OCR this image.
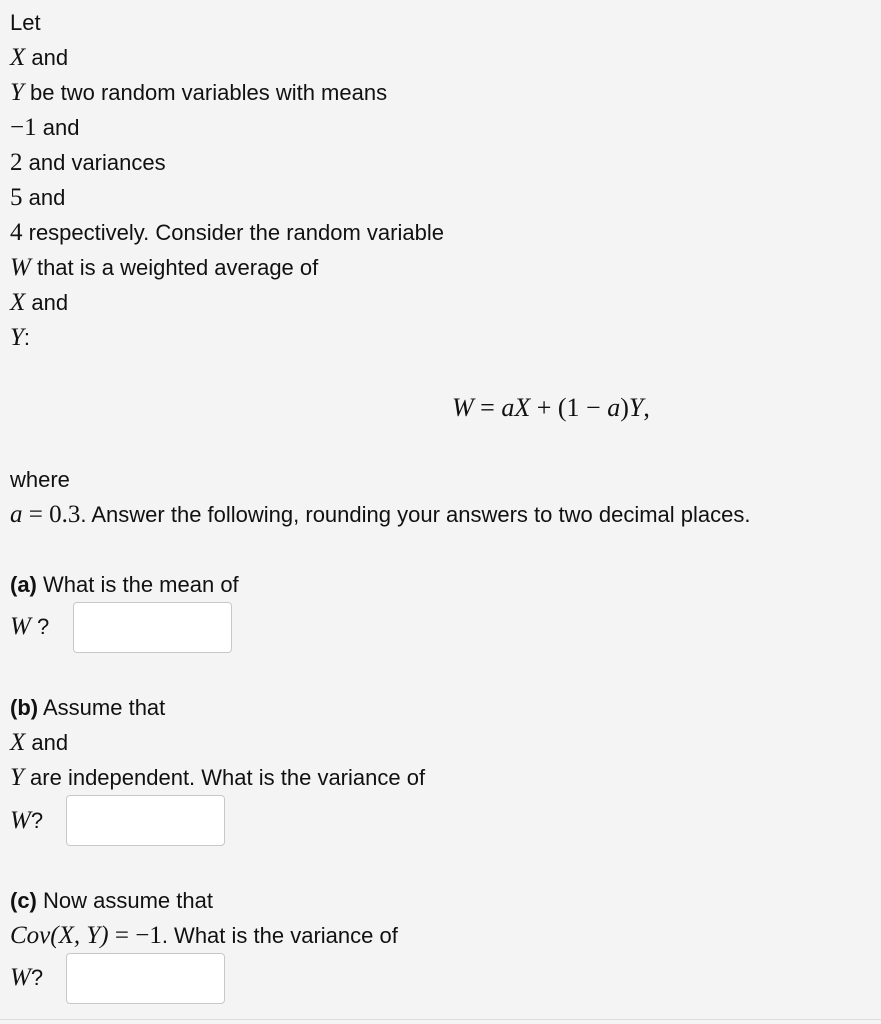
Let
X and
Y be two random variables with means
−1 and
2 and variances
5 and
4 respectively. Consider the random variable
W that is a weighted average of
X and
Y:
W = aX + (1 − a)Y,
where
a = 0.3. Answer the following, rounding your answers to two decimal places.
(a) What is the mean of
W ?
(b) Assume that
X and
Y are independent. What is the variance of
W?
(c) Now assume that
Cov(X, Y) = −1. What is the variance of
W?
